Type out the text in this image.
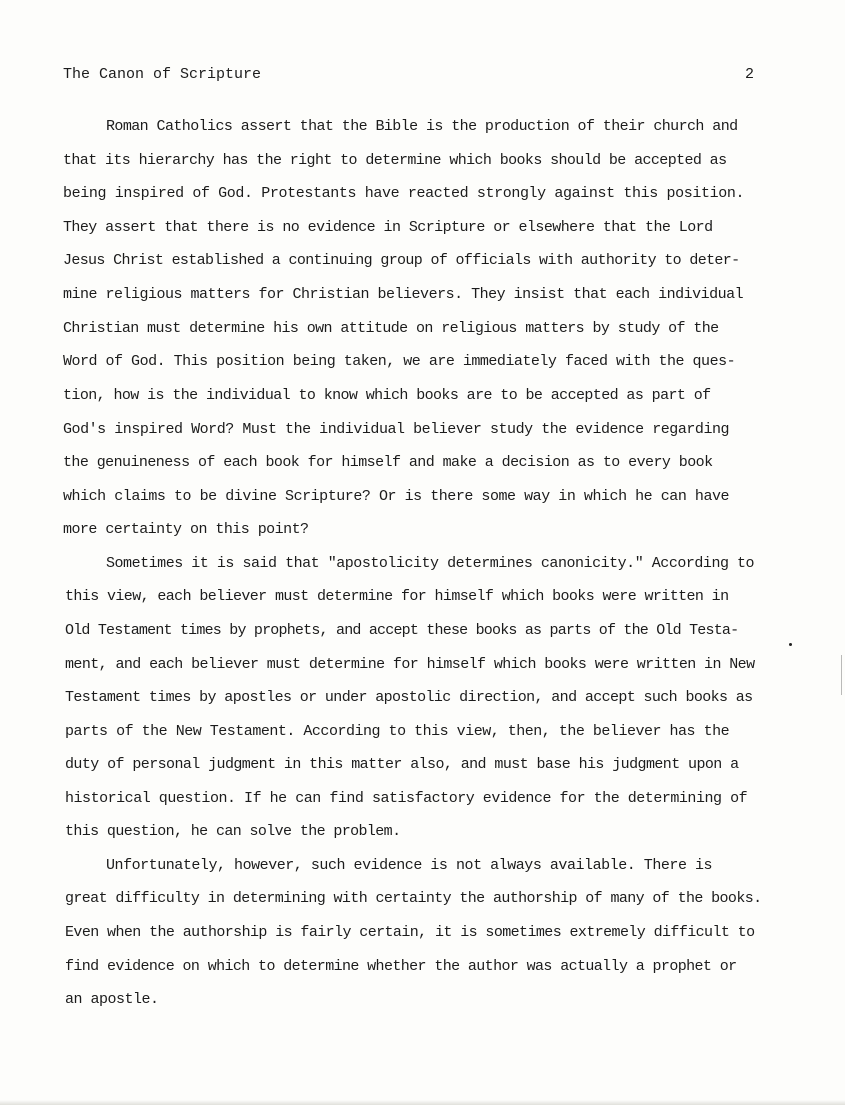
The Canon of Scripture	2
Roman Catholics assert that the Bible is the production of their church and
that its hierarchy has the right to determine which books should be accepted as
being inspired of God. Protestants have reacted strongly against this position.
They assert that there is no evidence in Scripture or elsewhere that the Lord
Jesus Christ established a continuing group of officials with authority to deter-
mine religious matters for Christian believers. They insist that each individual
Christian must determine his own attitude on religious matters by study of the
Word of God. This position being taken, we are immediately faced with the ques-
tion, how is the individual to know which books are to be accepted as part of
God's inspired Word? Must the individual believer study the evidence regarding
the genuineness of each book for himself and make a decision as to every book
which claims to be divine Scripture? Or is there some way in which he can have
more certainty on this point?
Sometimes it is said that "apostolicity determines canonicity." According to
this view, each believer must determine for himself which books were written in
Old Testament times by prophets, and accept these books as parts of the Old Testa-
ment, and each believer must determine for himself which books were written in New
Testament times by apostles or under apostolic direction, and accept such books as
parts of the New Testament. According to this view, then, the believer has the
duty of personal judgment in this matter also, and must base his judgment upon a
historical question. If he can find satisfactory evidence for the determining of
this question, he can solve the problem.
Unfortunately, however, such evidence is not always available. There is
great difficulty in determining with certainty the authorship of many of the books.
Even when the authorship is fairly certain, it is sometimes extremely difficult to
find evidence on which to determine whether the author was actually a prophet or
an apostle.
